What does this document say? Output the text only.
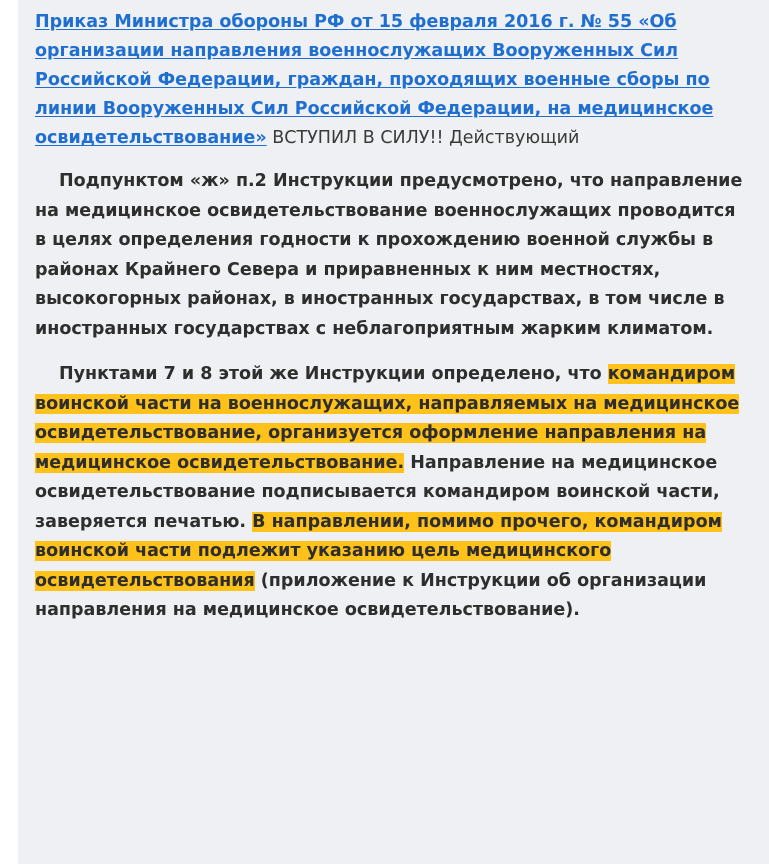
Приказ Министра обороны РФ от 15 февраля 2016 г. № 55 «Об организации направления военнослужащих Вооруженных Сил Российской Федерации, граждан, проходящих военные сборы по линии Вооруженных Сил Российской Федерации, на медицинское освидетельствование» ВСТУПИЛ В СИЛУ!! Действующий

Подпунктом «ж» п.2 Инструкции предусмотрено, что направление на медицинское освидетельствование военнослужащих проводится в целях определения годности к прохождению военной службы в районах Крайнего Севера и приравненных к ним местностях, высокогорных районах, в иностранных государствах, в том числе в иностранных государствах с неблагоприятным жарким климатом.

Пунктами 7 и 8 этой же Инструкции определено, что командиром воинской части на военнослужащих, направляемых на медицинское освидетельствование, организуется оформление направления на медицинское освидетельствование. Направление на медицинское освидетельствование подписывается командиром воинской части, заверяется печатью. В направлении, помимо прочего, командиром воинской части подлежит указанию цель медицинского освидетельствования (приложение к Инструкции об организации направления на медицинское освидетельствование).
